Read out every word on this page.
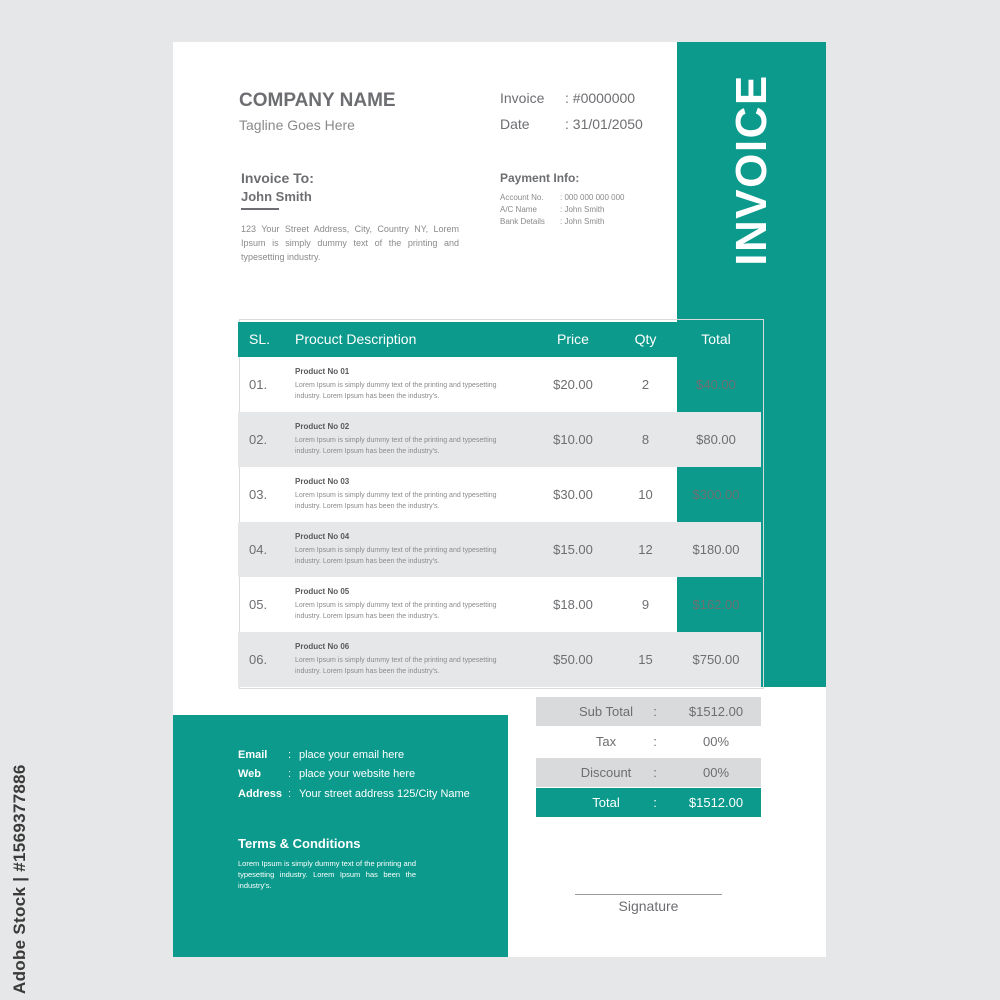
Adobe Stock | #1569377886
INVOICE
COMPANY NAME
Tagline Goes Here
Invoice : #0000000
Date	: 31/01/2050
Invoice To:
John Smith
123 Your Street Address, City, Country NY, Lorem Ipsum is simply dummy text of the printing and typesetting industry.
Payment Info:
Account No. : 000 000 000 000
A/C Name	: John Smith
Bank Details : John Smith
SL. Procuct Description	Price	Qty	Total
01.
Product No 01
Lorem Ipsum is simply dummy text of the printing and typesetting industry. Lorem Ipsum has been the industry's.
$20.00	2	$40.00
02.
Product No 02
Lorem Ipsum is simply dummy text of the printing and typesetting industry. Lorem Ipsum has been the industry's.
$10.00	8	$80.00
03.
Product No 03
Lorem Ipsum is simply dummy text of the printing and typesetting industry. Lorem Ipsum has been the industry's.
$30.00	10	$300.00
04.
Product No 04
Lorem Ipsum is simply dummy text of the printing and typesetting industry. Lorem Ipsum has been the industry's.
$15.00	12	$180.00
05.
Product No 05
Lorem Ipsum is simply dummy text of the printing and typesetting industry. Lorem Ipsum has been the industry's.
$18.00	9	$162.00
06.
Product No 06
Lorem Ipsum is simply dummy text of the printing and typesetting industry. Lorem Ipsum has been the industry's.
$50.00	15	$750.00
Email : place your email here
Web : place your website here
Address : Your street address 125/City Name
Terms & Conditions
Lorem Ipsum is simply dummy text of the printing and typesetting industry. Lorem Ipsum has been the industry's.
Sub Total	:	$1512.00
Tax	:	00%
Discount	:	00%
Total	:	$1512.00
Signature
